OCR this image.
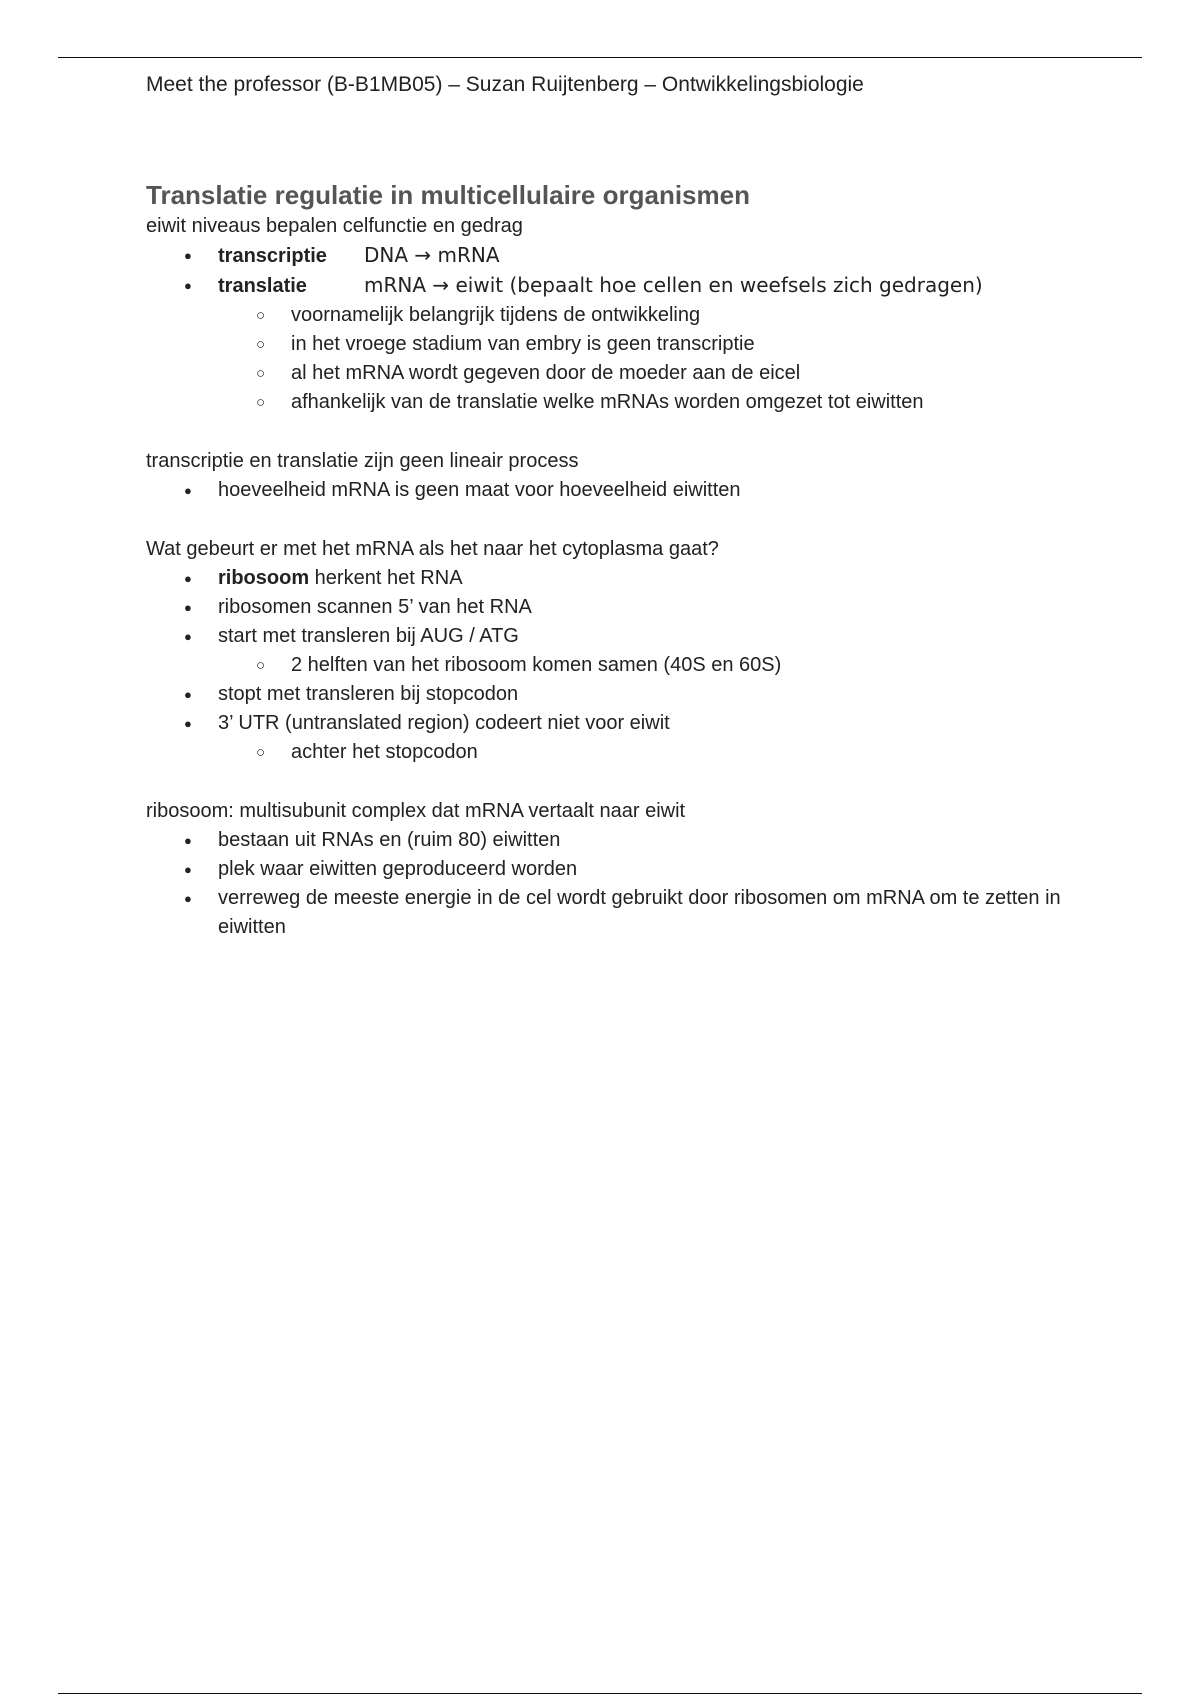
Meet the professor (B-B1MB05) – Suzan Ruijtenberg – Ontwikkelingsbiologie
Translatie regulatie in multicellulaire organismen

eiwit niveaus bepalen celfunctie en gedrag

● transcriptie DNA → mRNA
● translatie	mRNA → eiwit (bepaalt hoe cellen en weefsels zich gedragen)
○ voornamelijk belangrijk tijdens de ontwikkeling
○ in het vroege stadium van embry is geen transcriptie
○ al het mRNA wordt gegeven door de moeder aan de eicel
○ afhankelijk van de translatie welke mRNAs worden omgezet tot eiwitten

transcriptie en translatie zijn geen lineair process

● hoeveelheid mRNA is geen maat voor hoeveelheid eiwitten

Wat gebeurt er met het mRNA als het naar het cytoplasma gaat?

● ribosoom herkent het RNA
● ribosomen scannen 5’ van het RNA
● start met transleren bij AUG / ATG
○ 2 helften van het ribosoom komen samen (40S en 60S)
● stopt met transleren bij stopcodon
● 3’ UTR (untranslated region) codeert niet voor eiwit
○ achter het stopcodon

ribosoom: multisubunit complex dat mRNA vertaalt naar eiwit

● bestaan uit RNAs en (ruim 80) eiwitten
● plek waar eiwitten geproduceerd worden
● verreweg de meeste energie in de cel wordt gebruikt door ribosomen om mRNA om te zetten in eiwitten
